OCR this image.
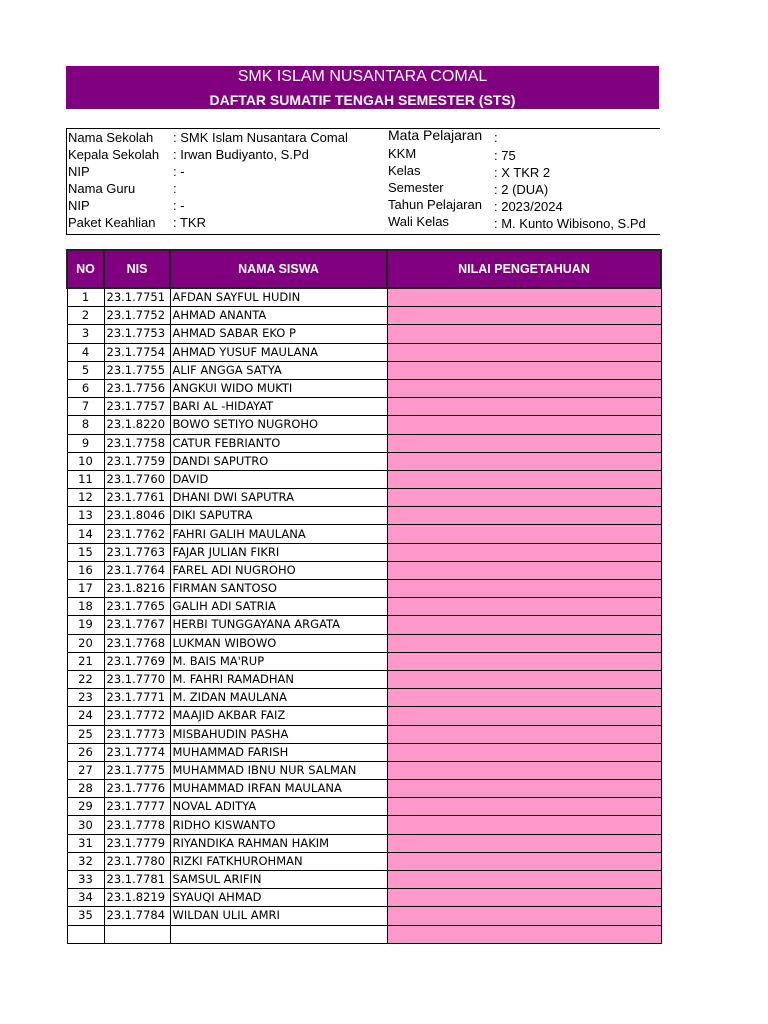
SMK ISLAM NUSANTARA COMAL
DAFTAR SUMATIF TENGAH SEMESTER (STS)
Nama Sekolah : SMK Islam Nusantara Comal
Kepala Sekolah : Irwan Budiyanto, S.Pd
NIP	: -
Nama Guru	:
NIP	: -
Paket Keahlian : TKR
Mata Pelajaran :
KKM	: 75
Kelas	: X TKR 2
Semester	: 2 (DUA)
Tahun Pelajaran : 2023/2024
Wali Kelas	: M. Kunto Wibisono, S.Pd
NO	NIS	NAMA SISWA	NILAI PENGETAHUAN
1	23.1.7751	AFDAN SAYFUL HUDIN	
2	23.1.7752	AHMAD ANANTA	
3	23.1.7753	AHMAD SABAR EKO P	
4	23.1.7754	AHMAD YUSUF MAULANA	
5	23.1.7755	ALIF ANGGA SATYA	
6	23.1.7756	ANGKUI WIDO MUKTI	
7	23.1.7757	BARI AL -HIDAYAT	
8	23.1.8220	BOWO SETIYO NUGROHO	
9	23.1.7758	CATUR FEBRIANTO	
10	23.1.7759	DANDI SAPUTRO	
11	23.1.7760	DAVID	
12	23.1.7761	DHANI DWI SAPUTRA	
13	23.1.8046	DIKI SAPUTRA	
14	23.1.7762	FAHRI GALIH MAULANA	
15	23.1.7763	FAJAR JULIAN FIKRI	
16	23.1.7764	FAREL ADI NUGROHO	
17	23.1.8216	FIRMAN SANTOSO	
18	23.1.7765	GALIH ADI SATRIA	
19	23.1.7767	HERBI TUNGGAYANA ARGATA	
20	23.1.7768	LUKMAN WIBOWO	
21	23.1.7769	M. BAIS MA'RUP	
22	23.1.7770	M. FAHRI RAMADHAN	
23	23.1.7771	M. ZIDAN MAULANA	
24	23.1.7772	MAAJID AKBAR FAIZ	
25	23.1.7773	MISBAHUDIN PASHA	
26	23.1.7774	MUHAMMAD FARISH	
27	23.1.7775	MUHAMMAD IBNU NUR SALMAN	
28	23.1.7776	MUHAMMAD IRFAN MAULANA	
29	23.1.7777	NOVAL ADITYA	
30	23.1.7778	RIDHO KISWANTO	
31	23.1.7779	RIYANDIKA RAHMAN HAKIM	
32	23.1.7780	RIZKI FATKHUROHMAN	
33	23.1.7781	SAMSUL ARIFIN	
34	23.1.8219	SYAUQI AHMAD	
35	23.1.7784	WILDAN ULIL AMRI	
